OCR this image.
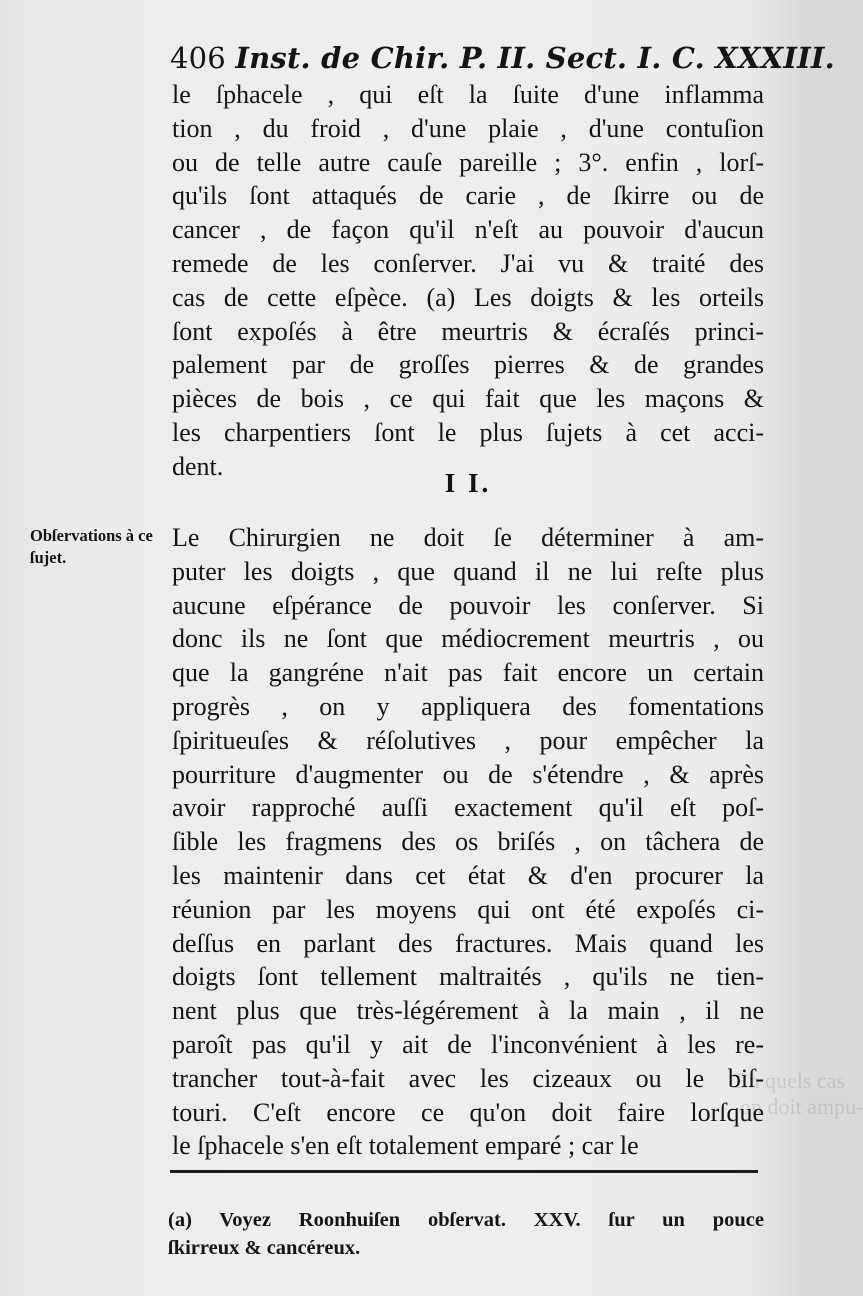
En quels cas
on doit ampu-
406 Inst. de Chir. P. II. Sect. I. C. XXXIII.
le ſphacele , qui eſt la ſuite d'une inflamma
tion , du froid , d'une plaie , d'une contuſion
ou de telle autre cauſe pareille ; 3°. enfin , lorſ-
qu'ils ſont attaqués de carie , de ſkirre ou de
cancer , de façon qu'il n'eſt au pouvoir d'aucun
remede de les conſerver. J'ai vu & traité des
cas de cette eſpèce. (a) Les doigts & les orteils
ſont expoſés à être meurtris & écraſés princi-
palement par de groſſes pierres & de grandes
pièces de bois , ce qui fait que les maçons &
les charpentiers ſont le plus ſujets à cet acci-
dent.
I I.
Obſervations à ce ſujet.
Le Chirurgien ne doit ſe déterminer à am-
puter les doigts , que quand il ne lui reſte plus
aucune eſpérance de pouvoir les conſerver. Si
donc ils ne ſont que médiocrement meurtris , ou
que la gangréne n'ait pas fait encore un certain
progrès , on y appliquera des fomentations
ſpiritueuſes & réſolutives , pour empêcher la
pourriture d'augmenter ou de s'étendre , & après
avoir rapproché auſſi exactement qu'il eſt poſ-
ſible les fragmens des os briſés , on tâchera de
les maintenir dans cet état & d'en procurer la
réunion par les moyens qui ont été expoſés ci-
deſſus en parlant des fractures. Mais quand les
doigts ſont tellement maltraités , qu'ils ne tien-
nent plus que très-légérement à la main , il ne
paroît pas qu'il y ait de l'inconvénient à les re-
trancher tout-à-fait avec les cizeaux ou le biſ-
touri. C'eſt encore ce qu'on doit faire lorſque
le ſphacele s'en eſt totalement emparé ; car le
(a) Voyez Roonhuiſen obſervat. XXV. ſur un pouce
ſkirreux & cancéreux.
